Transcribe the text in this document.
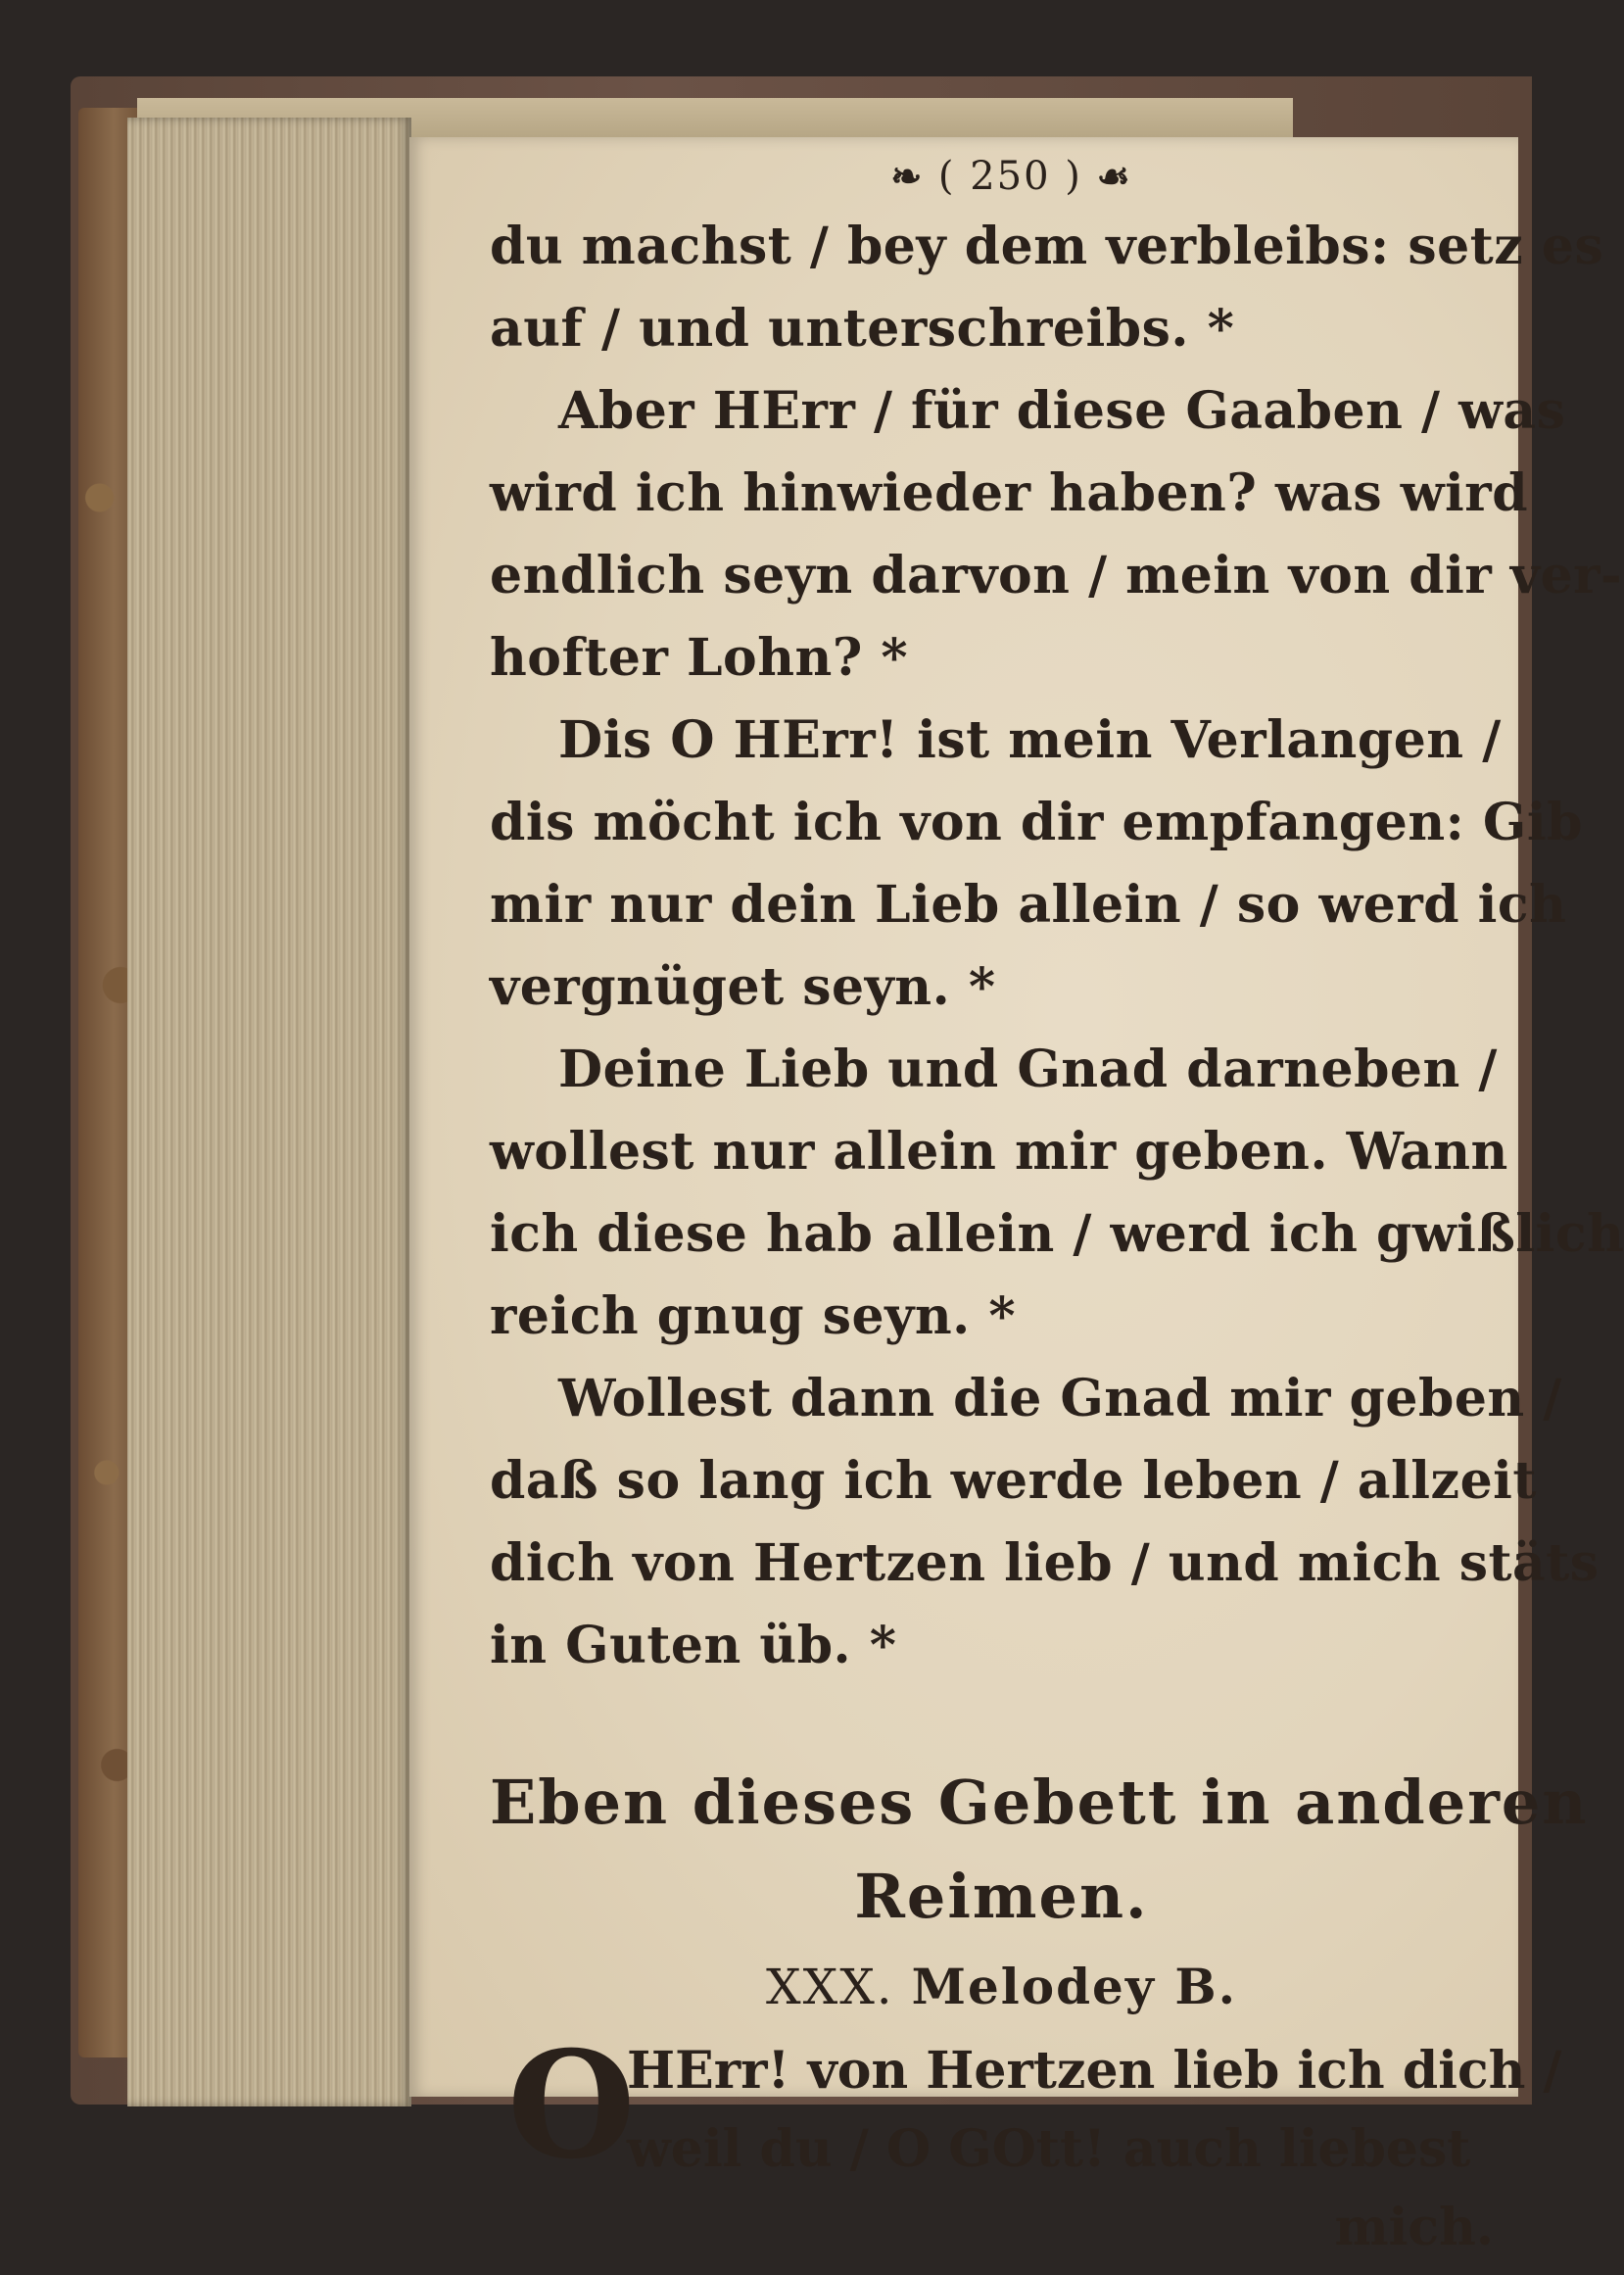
❧ ( 250 ) ☙
du machst / bey dem verbleibs: setz es
auf / und unterschreibs. *
Aber HErr / für diese Gaaben / was
wird ich hinwieder haben? was wird
endlich seyn darvon / mein von dir ver-
hofter Lohn? *
Dis O HErr! ist mein Verlangen /
dis möcht ich von dir empfangen: Gib
mir nur dein Lieb allein / so werd ich
vergnüget seyn. *
Deine Lieb und Gnad darneben /
wollest nur allein mir geben. Wann
ich diese hab allein / werd ich gwißlich
reich gnug seyn. *
Wollest dann die Gnad mir geben /
daß so lang ich werde leben / allzeit
dich von Hertzen lieb / und mich stäts
in Guten üb. *
Eben dieses Gebett in anderen
Reimen.
XXX. Melodey B.
O
HErr! von Hertzen lieb ich dich /
weil du / O GOtt! auch liebest
mich.
